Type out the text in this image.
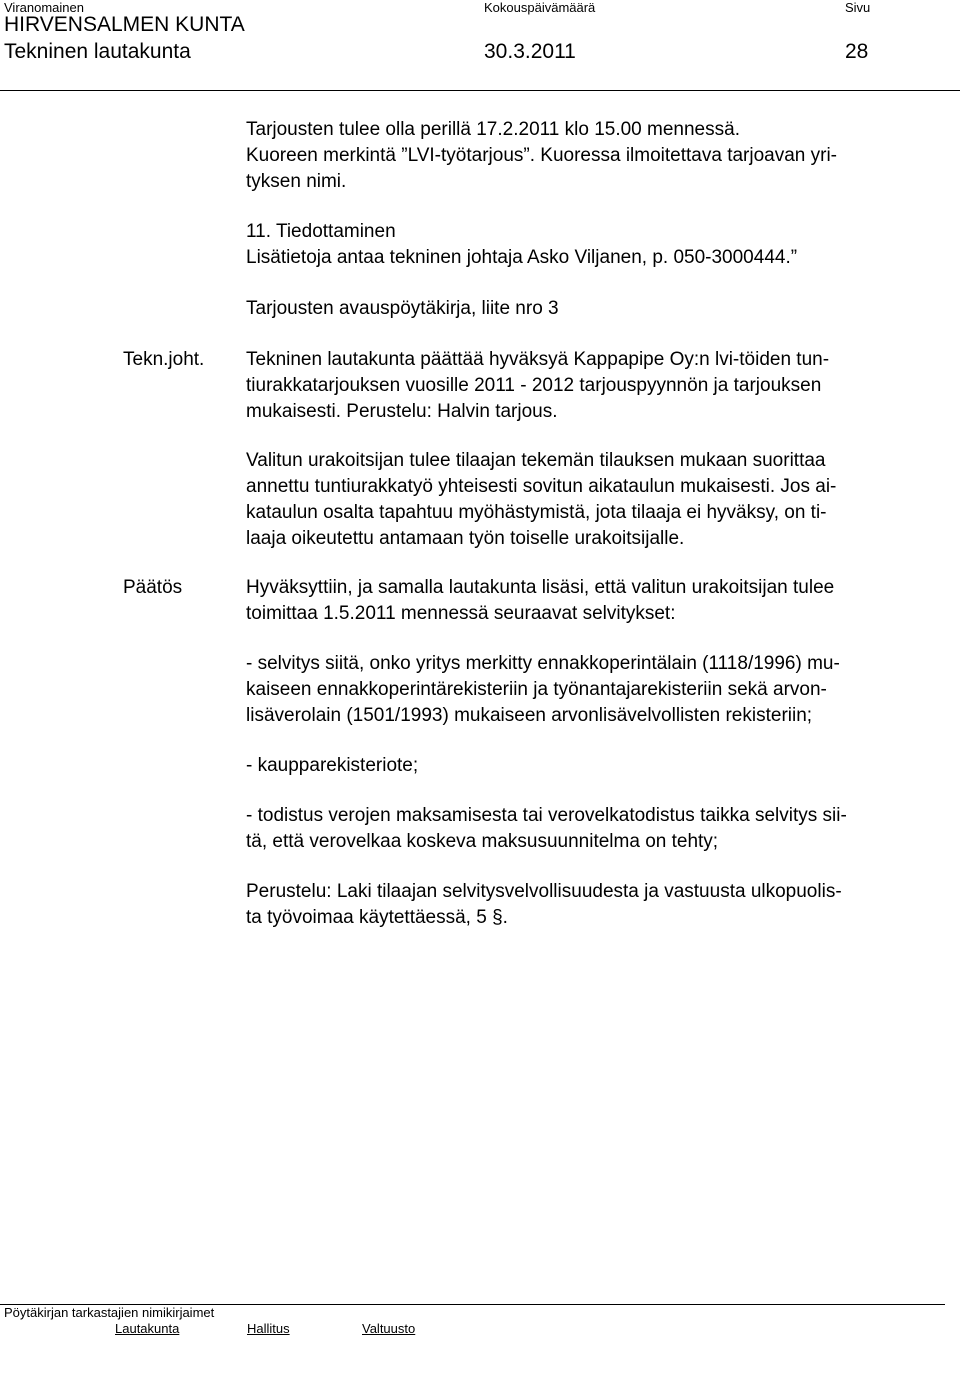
Viranomainen	Kokouspäivämäärä	Sivu
HIRVENSALMEN KUNTA
Tekninen lautakunta	30.3.2011	28
Tarjousten tulee olla perillä 17.2.2011 klo 15.00 mennessä.
Kuoreen merkintä ”LVI-työtarjous”. Kuoressa ilmoitettava tarjoavan yri-
tyksen nimi.
11. Tiedottaminen
Lisätietoja antaa tekninen johtaja Asko Viljanen, p. 050-3000444.”
Tarjousten avauspöytäkirja, liite nro 3
Tekn.joht. Tekninen lautakunta päättää hyväksyä Kappapipe Oy:n lvi-töiden tun-
tiurakkatarjouksen vuosille 2011 - 2012 tarjouspyynnön ja tarjouksen
mukaisesti. Perustelu: Halvin tarjous.
Valitun urakoitsijan tulee tilaajan tekemän tilauksen mukaan suorittaa
annettu tuntiurakkatyö yhteisesti sovitun aikataulun mukaisesti. Jos ai-
kataulun osalta tapahtuu myöhästymistä, jota tilaaja ei hyväksy, on ti-
laaja oikeutettu antamaan työn toiselle urakoitsijalle.
Päätös	Hyväksyttiin, ja samalla lautakunta lisäsi, että valitun urakoitsijan tulee
toimittaa 1.5.2011 mennessä seuraavat selvitykset:
- selvitys siitä, onko yritys merkitty ennakkoperintälain (1118/1996) mu-
kaiseen ennakkoperintärekisteriin ja työnantajarekisteriin sekä arvon-
lisäverolain (1501/1993) mukaiseen arvonlisävelvollisten rekisteriin;
- kaupparekisteriote;
- todistus verojen maksamisesta tai verovelkatodistus taikka selvitys sii-
tä, että verovelkaa koskeva maksusuunnitelma on tehty;
Perustelu: Laki tilaajan selvitysvelvollisuudesta ja vastuusta ulkopuolis-
ta työvoimaa käytettäessä, 5 §.
Pöytäkirjan tarkastajien nimikirjaimet
Lautakunta	Hallitus	Valtuusto
